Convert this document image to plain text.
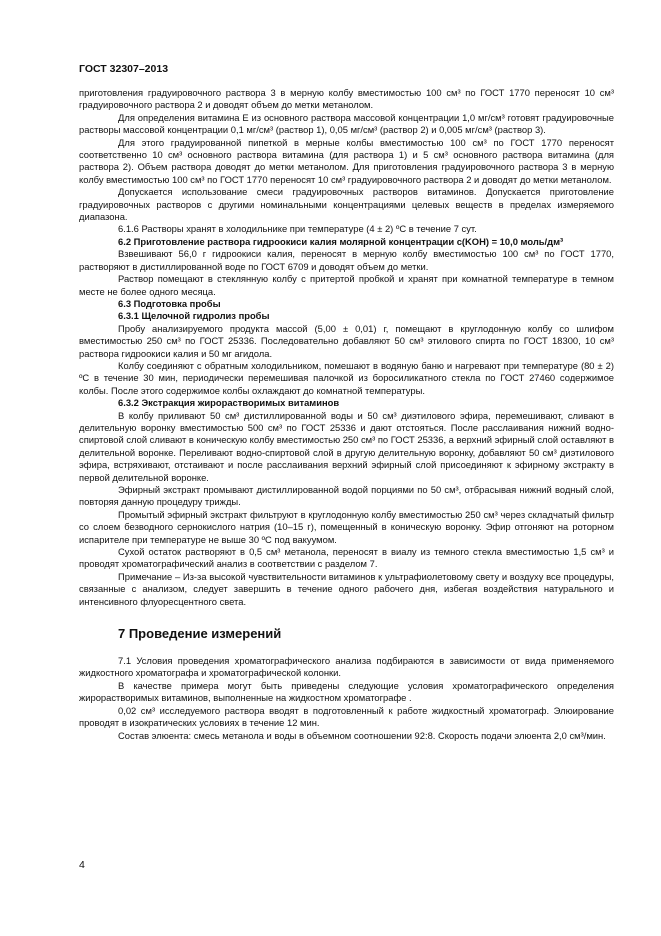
ГОСТ 32307–2013

приготовления градуировочного раствора 3 в мерную колбу вместимостью 100 см³ по ГОСТ 1770 переносят 10 см³ градуировочного раствора 2 и доводят объем до метки метанолом.

Для определения витамина E из основного раствора массовой концентрации 1,0 мг/см³ готовят градуировочные растворы массовой концентрации 0,1 мг/см³ (раствор 1), 0,05 мг/см³ (раствор 2) и 0,005 мг/см³ (раствор 3).

Для этого градуированной пипеткой в мерные колбы вместимостью 100 см³ по ГОСТ 1770 переносят соответственно 10 см³ основного раствора витамина (для раствора 1) и 5 см³ основного раствора витамина (для раствора 2). Объем раствора доводят до метки метанолом. Для приготовления градуировочного раствора 3 в мерную колбу вместимостью 100 см³ по ГОСТ 1770 переносят 10 см³ градуировочного раствора 2 и доводят до метки метанолом.

Допускается использование смеси градуировочных растворов витаминов. Допускается приготовление градуировочных растворов с другими номинальными концентрациями целевых веществ в пределах измеряемого диапазона.

6.1.6 Растворы хранят в холодильнике при температуре (4 ± 2) ºС в течение 7 сут.

6.2 Приготовление раствора гидроокиси калия молярной концентрации c(KOH) = 10,0 моль/дм³

Взвешивают 56,0 г гидроокиси калия, переносят в мерную колбу вместимостью 100 см³ по ГОСТ 1770, растворяют в дистиллированной воде по ГОСТ 6709 и доводят объем до метки.

Раствор помещают в стеклянную колбу с притертой пробкой и хранят при комнатной температуре в темном месте не более одного месяца.

6.3 Подготовка пробы

6.3.1 Щелочной гидролиз пробы

Пробу анализируемого продукта массой (5,00 ± 0,01) г, помещают в круглодонную колбу со шлифом вместимостью 250 см³ по ГОСТ 25336. Последовательно добавляют 50 см³ этилового спирта по ГОСТ 18300, 10 см³ раствора гидроокиси калия и 50 мг агидола.

Колбу соединяют с обратным холодильником, помешают в водяную баню и нагревают при температуре (80 ± 2) ºС в течение 30 мин, периодически перемешивая палочкой из боросиликатного стекла по ГОСТ 27460 содержимое колбы. После этого содержимое колбы охлаждают до комнатной температуры.

6.3.2 Экстракция жирорастворимых витаминов

В колбу приливают 50 см³ дистиллированной воды и 50 см³ диэтилового эфира, перемешивают, сливают в делительную воронку вместимостью 500 см³ по ГОСТ 25336 и дают отстояться. После расслаивания нижний водно-спиртовой слой сливают в коническую колбу вместимостью 250 см³ по ГОСТ 25336, а верхний эфирный слой оставляют в делительной воронке. Переливают водно-спиртовой слой в другую делительную воронку, добавляют 50 см³ диэтилового эфира, встряхивают, отстаивают и после расслаивания верхний эфирный слой присоединяют к эфирному экстракту в первой делительной воронке.

Эфирный экстракт промывают дистиллированной водой порциями по 50 см³, отбрасывая нижний водный слой, повторяя данную процедуру трижды.

Промытый эфирный экстракт фильтруют в круглодонную колбу вместимостью 250 см³ через складчатый фильтр со слоем безводного сернокислого натрия (10–15 г), помещенный в коническую воронку. Эфир отгоняют на роторном испарителе при температуре не выше 30 ºС под вакуумом.

Сухой остаток растворяют в 0,5 см³ метанола, переносят в виалу из темного стекла вместимостью 1,5 см³ и проводят хроматографический анализ в соответствии с разделом 7.

Примечание – Из-за высокой чувствительности витаминов к ультрафиолетовому свету и воздуху все процедуры, связанные с анализом, следует завершить в течение одного рабочего дня, избегая воздействия натурального и интенсивного флуоресцентного света.

7 Проведение измерений

7.1 Условия проведения хроматографического анализа подбираются в зависимости от вида применяемого жидкостного хроматографа и хроматографической колонки.

В качестве примера могут быть приведены следующие условия хроматографического определения жирорастворимых витаминов, выполненные на жидкостном хроматографе .

0,02 см³ исследуемого раствора вводят в подготовленный к работе жидкостный хроматограф. Элюирование проводят в изократических условиях в течение 12 мин.

Состав элюента: смесь метанола и воды в объемном соотношении 92:8. Скорость подачи элюента 2,0 см³/мин.

4
